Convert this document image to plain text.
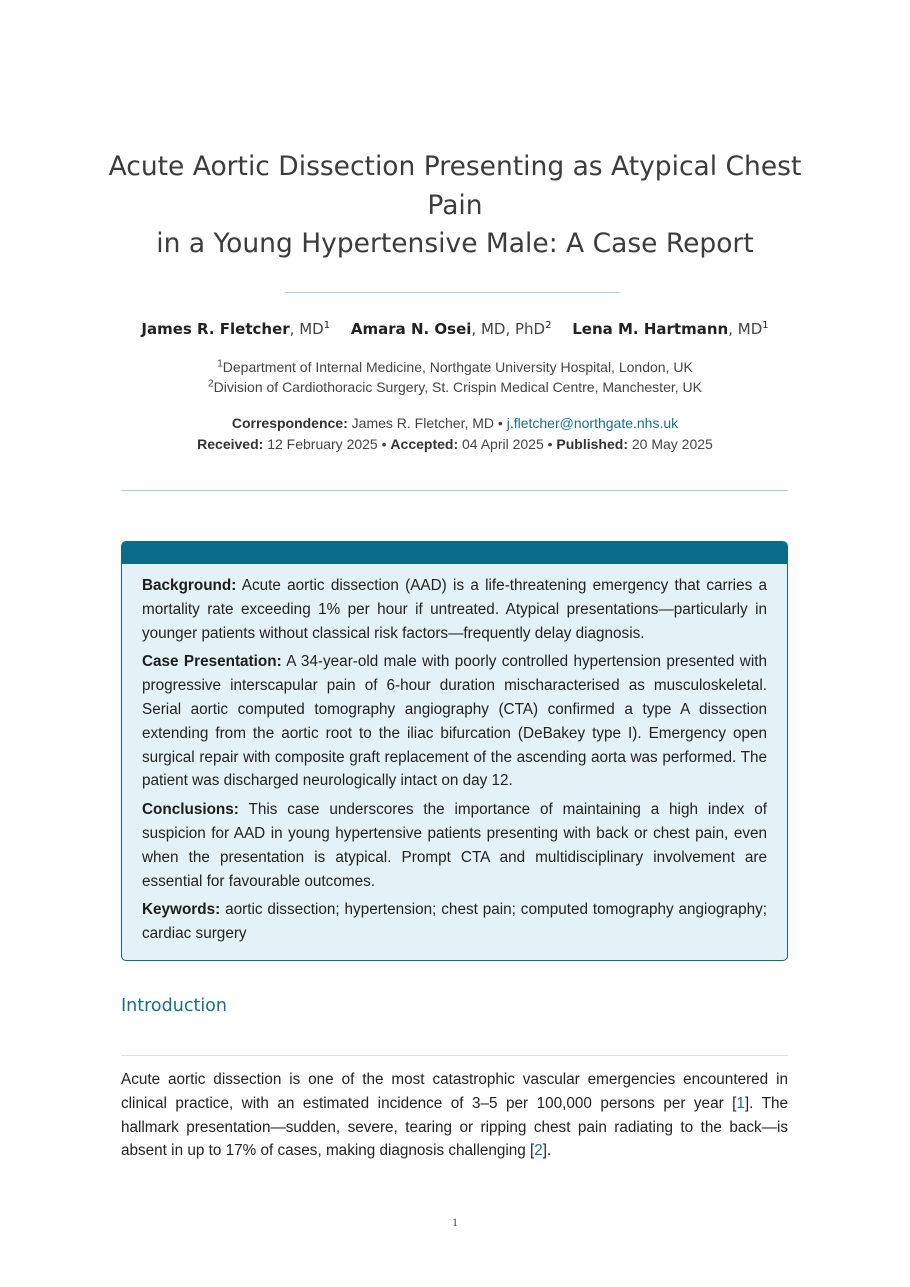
Acute Aortic Dissection Presenting as Atypical Chest
Pain
in a Young Hypertensive Male: A Case Report
James R. Fletcher, $MD^1$ Amara N. Osei, MD, PhD$^2$ Lena M. Hartmann, $MD^1$
$^1$Department of Internal Medicine, Northgate University Hospital, London, UK
$^2$Division of Cardiothoracic Surgery, St. Crispin Medical Centre, Manchester, UK
Correspondence: James R. Fletcher, MD • j.fletcher@northgate.nhs.uk
Received: 12 February 2025 • Accepted: 04 April 2025 • Published: 20 May 2025

Background: Acute aortic dissection (AAD) is a life-threatening emergency that carries a mortality rate exceeding 1% per hour if untreated. Atypical presentations—particularly in younger patients without classical risk factors—frequently delay diagnosis.

Case Presentation: A 34-year-old male with poorly controlled hypertension presented with progressive interscapular pain of 6-hour duration mischaracterised as musculoskeletal. Serial aortic computed tomography angiography (CTA) confirmed a type A dissection extending from the aortic root to the iliac bifurcation (DeBakey type I). Emergency open surgical repair with composite graft replacement of the ascending aorta was performed. The patient was discharged neurologically intact on day 12.

Conclusions: This case underscores the importance of maintaining a high index of suspicion for AAD in young hypertensive patients presenting with back or chest pain, even when the presentation is atypical. Prompt CTA and multidisciplinary involvement are essential for favourable outcomes.

Keywords: aortic dissection; hypertension; chest pain; computed tomography angiography; cardiac surgery

Introduction

Acute aortic dissection is one of the most catastrophic vascular emergencies encountered in clinical practice, with an estimated incidence of 3–5 per 100,000 persons per year [1]. The hallmark presentation—sudden, severe, tearing or ripping chest pain radiating to the back—is absent in up to 17% of cases, making diagnosis challenging [2].

1
